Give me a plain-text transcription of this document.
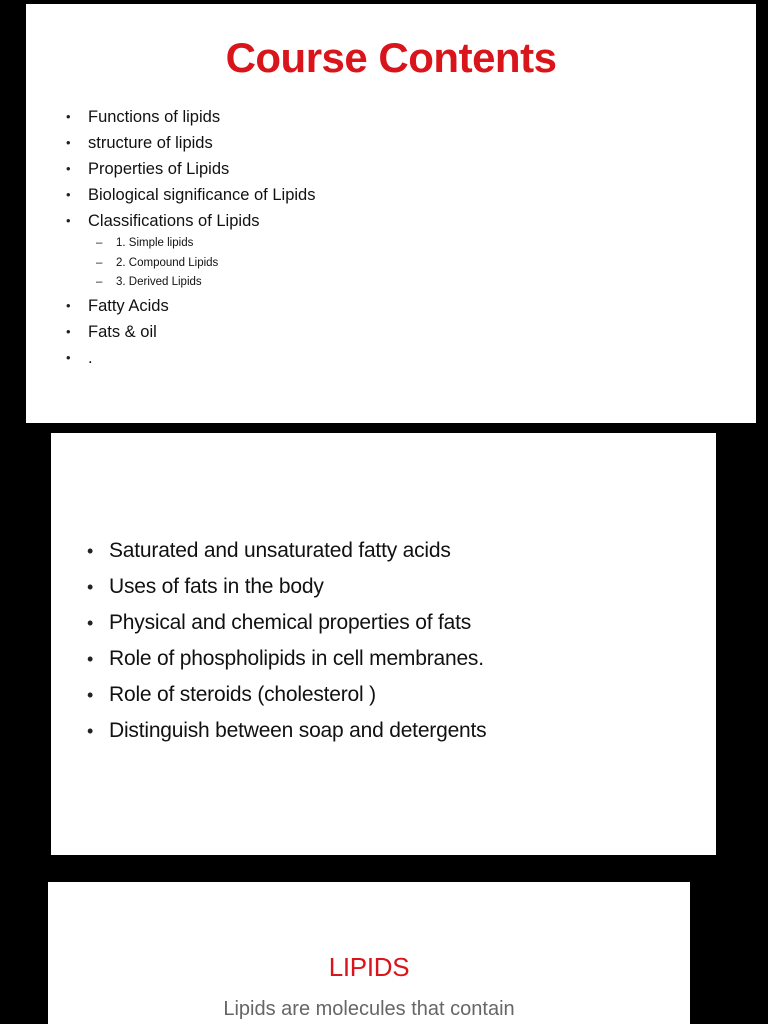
Course Contents
• Functions of lipids
• structure of lipids
• Properties of Lipids
• Biological significance of Lipids
• Classifications of Lipids
– 1. Simple lipids
– 2. Compound Lipids
– 3. Derived Lipids
• Fatty Acids
• Fats & oil
• .
• Saturated and unsaturated fatty acids
• Uses of fats in the body
• Physical and chemical properties of fats
• Role of phospholipids in cell membranes.
• Role of steroids (cholesterol )
• Distinguish between soap and detergents
LIPIDS
Lipids are molecules that contain
